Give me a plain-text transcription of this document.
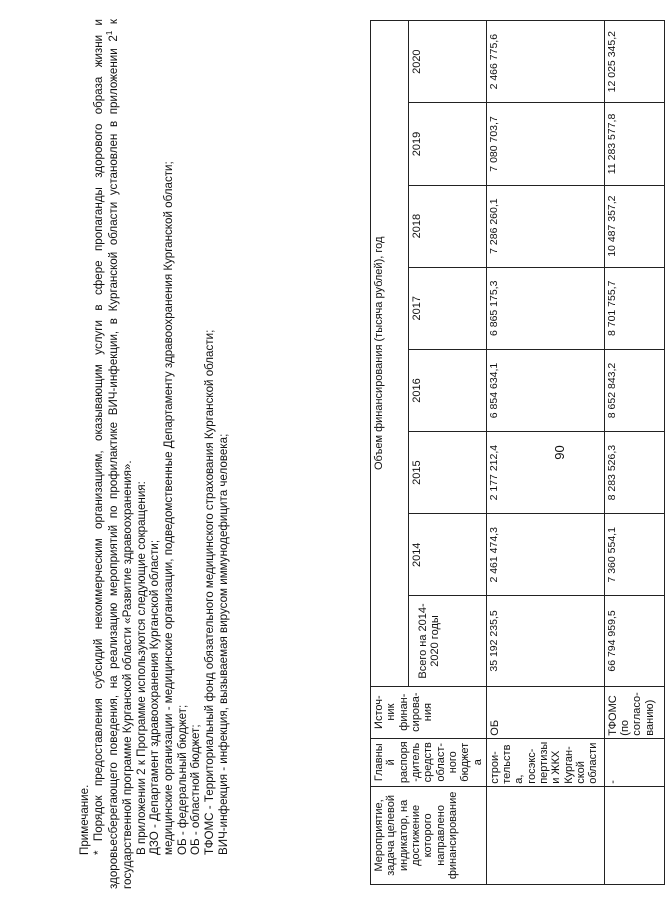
90
Мероприятие, задача целевой индикатор, на достижение которого направлено финансирование	Главный распоря-дитель средств област-ного бюджета	Источ-ник финан-сирова-ния	Объем финансирования (тысяча рублей), год							
			Всего на 2014-2020 годы	2014	2015	2016	2017	2018	2019	2020
	строи-тельства, госэкс-пертизы и ЖКХ Курган-ской области	ОБ	35 192 235,5	2 461 474,3	2 177 212,4	6 854 634,1	6 865 175,3	7 286 260,1	7 080 703,7	2 466 775,6
	-	ТФОМС (по согласо-ванию)	66 794 959,5	7 360 554,1	8 283 526,3	8 652 843,2	8 701 755,7	10 487 357,2	11 283 577,8	12 025 345,2

Примечание. * Порядок предоставления субсидий некоммерческим организациям, оказывающим услуги в сфере пропаганды здорового образа жизни и здоровьесберегающего поведения, на реализацию мероприятий по профилактике ВИЧ-инфекции, в Курганской области установлен в приложении $2^1$ к государственной программе Курганской области «Развитие здравоохранения». В приложении 2 к Программе используются следующие сокращения: ДЗО - Департамент здравоохранения Курганской области; медицинские организации - медицинские организации, подведомственные Департаменту здравоохранения Курганской области; ОБ - федеральный бюджет; ОБ - областной бюджет; ТФОМС - Территориальный фонд обязательного медицинского страхования Курганской области; ВИЧ-инфекция - инфекция, вызываемая вирусом иммунодефицита человека;
